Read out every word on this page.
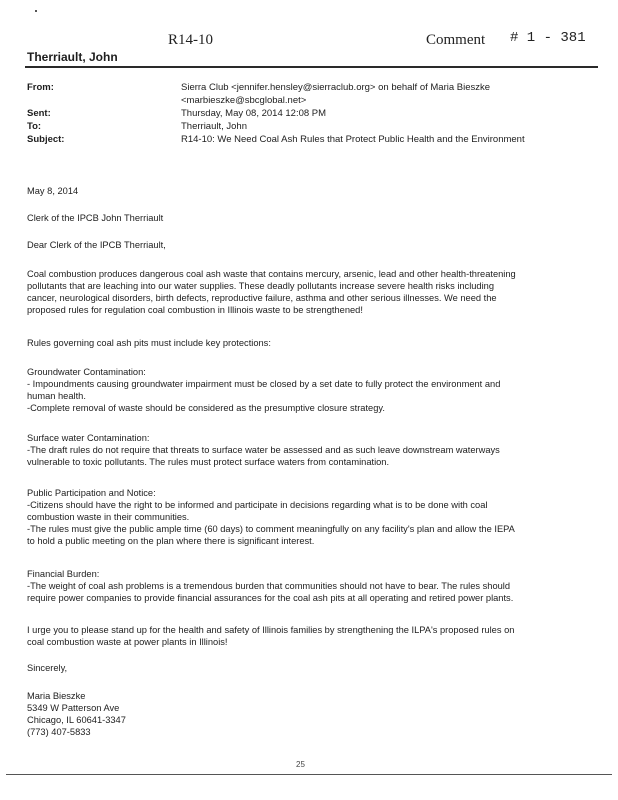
R14-10	Comment # 1 - 381
Therriault, John
From:	Sierra Club <jennifer.hensley@sierraclub.org> on behalf of Maria Bieszke
<marbieszke@sbcglobal.net>
Sent:	Thursday, May 08, 2014 12:08 PM
To:	Therriault, John
Subject:	R14-10: We Need Coal Ash Rules that Protect Public Health and the Environment
May 8, 2014
Clerk of the IPCB John Therriault
Dear Clerk of the IPCB Therriault,
Coal combustion produces dangerous coal ash waste that contains mercury, arsenic, lead and other health-threatening
pollutants that are leaching into our water supplies. These deadly pollutants increase severe health risks including
cancer, neurological disorders, birth defects, reproductive failure, asthma and other serious illnesses. We need the
proposed rules for regulation coal combustion in Illinois waste to be strengthened!
Rules governing coal ash pits must include key protections:
Groundwater Contamination:
- Impoundments causing groundwater impairment must be closed by a set date to fully protect the environment and
human health.
-Complete removal of waste should be considered as the presumptive closure strategy.
Surface water Contamination:
-The draft rules do not require that threats to surface water be assessed and as such leave downstream waterways
vulnerable to toxic pollutants. The rules must protect surface waters from contamination.
Public Participation and Notice:
-Citizens should have the right to be informed and participate in decisions regarding what is to be done with coal
combustion waste in their communities.
-The rules must give the public ample time (60 days) to comment meaningfully on any facility's plan and allow the IEPA
to hold a public meeting on the plan where there is significant interest.
Financial Burden:
-The weight of coal ash problems is a tremendous burden that communities should not have to bear. The rules should
require power companies to provide financial assurances for the coal ash pits at all operating and retired power plants.
I urge you to please stand up for the health and safety of Illinois families by strengthening the ILPA's proposed rules on
coal combustion waste at power plants in Illinois!
Sincerely,
Maria Bieszke
5349 W Patterson Ave
Chicago, IL 60641-3347
(773) 407-5833
25
